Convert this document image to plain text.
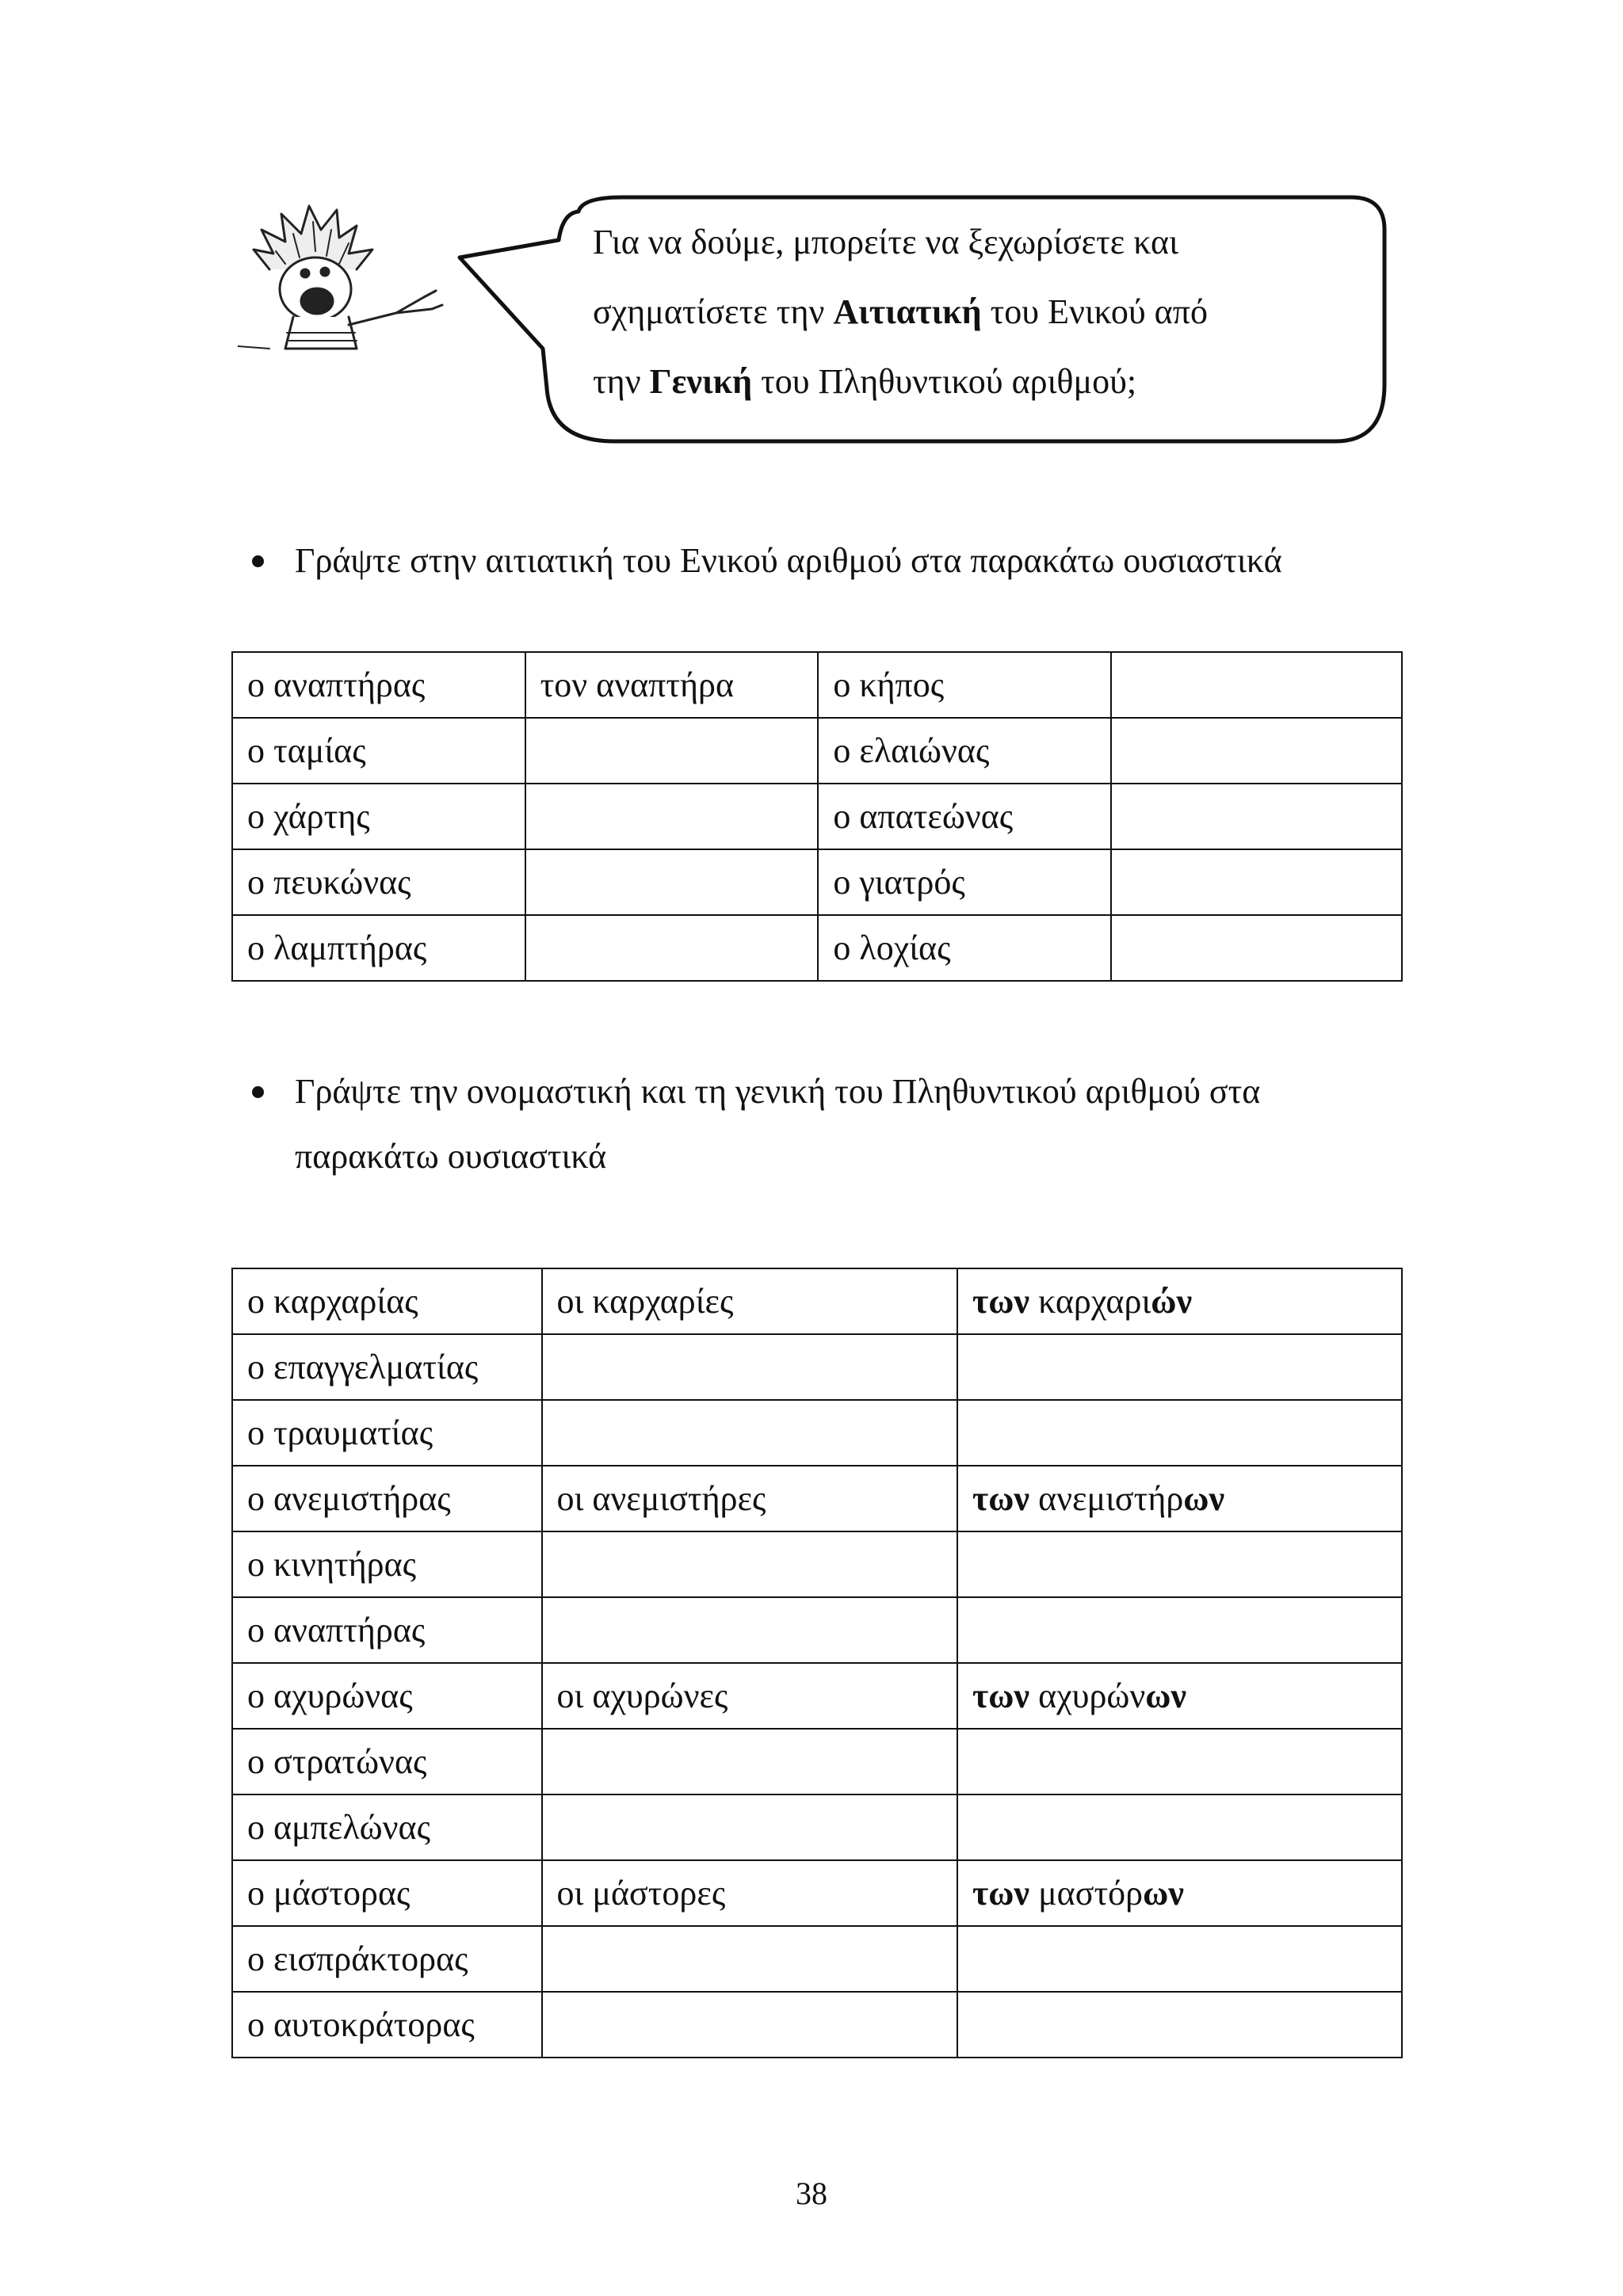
Για να δούμε, μπορείτε να ξεχωρίσετε και
σχηματίσετε την Αιτιατική του Ενικού από
την Γενική του Πληθυντικού αριθμού;
Γράψτε στην αιτιατική του Ενικού αριθμού στα παρακάτω ουσιαστικά
ο αναπτήρας	τον αναπτήρα	ο κήπος	
ο ταμίας		ο ελαιώνας	
ο χάρτης		ο απατεώνας	
ο πευκώνας		ο γιατρός	
ο λαμπτήρας		ο λοχίας	
Γράψτε την ονομαστική και τη γενική του Πληθυντικού αριθμού στα
παρακάτω ουσιαστικά
ο καρχαρίας	οι καρχαρίες	των καρχαριών
ο επαγγελματίας		
ο τραυματίας		
ο ανεμιστήρας	οι ανεμιστήρες	των ανεμιστήρων
ο κινητήρας		
ο αναπτήρας		
ο αχυρώνας	οι αχυρώνες	των αχυρώνων
ο στρατώνας		
ο αμπελώνας		
ο μάστορας	οι μάστορες	των μαστόρων
ο εισπράκτορας		
ο αυτοκράτορας		
38
